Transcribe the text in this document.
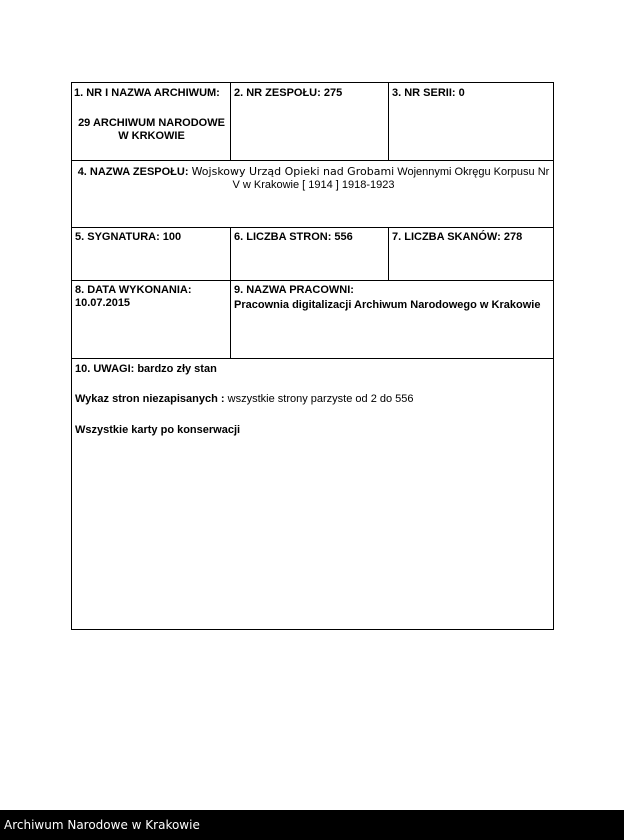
1. NR I NAZWA ARCHIWUM:
29 ARCHIWUM NARODOWE W KRKOWIE
2. NR ZESPOŁU: 275	3. NR SERII: 0
4. NAZWA ZESPOŁU: Wojskowy Urząd Opieki nad Grobami Wojennymi Okręgu Korpusu Nr V w Krakowie [ 1914 ] 1918-1923
5. SYGNATURA: 100	6. LICZBA STRON: 556	7. LICZBA SKANÓW: 278
8. DATA WYKONANIA:
10.07.2015
9. NAZWA PRACOWNI:
Pracownia digitalizacji Archiwum Narodowego w Krakowie
10. UWAGI: bardzo zły stan
Wykaz stron niezapisanych : wszystkie strony parzyste od 2 do 556
Wszystkie karty po konserwacji
Archiwum Narodowe w Krakowie
